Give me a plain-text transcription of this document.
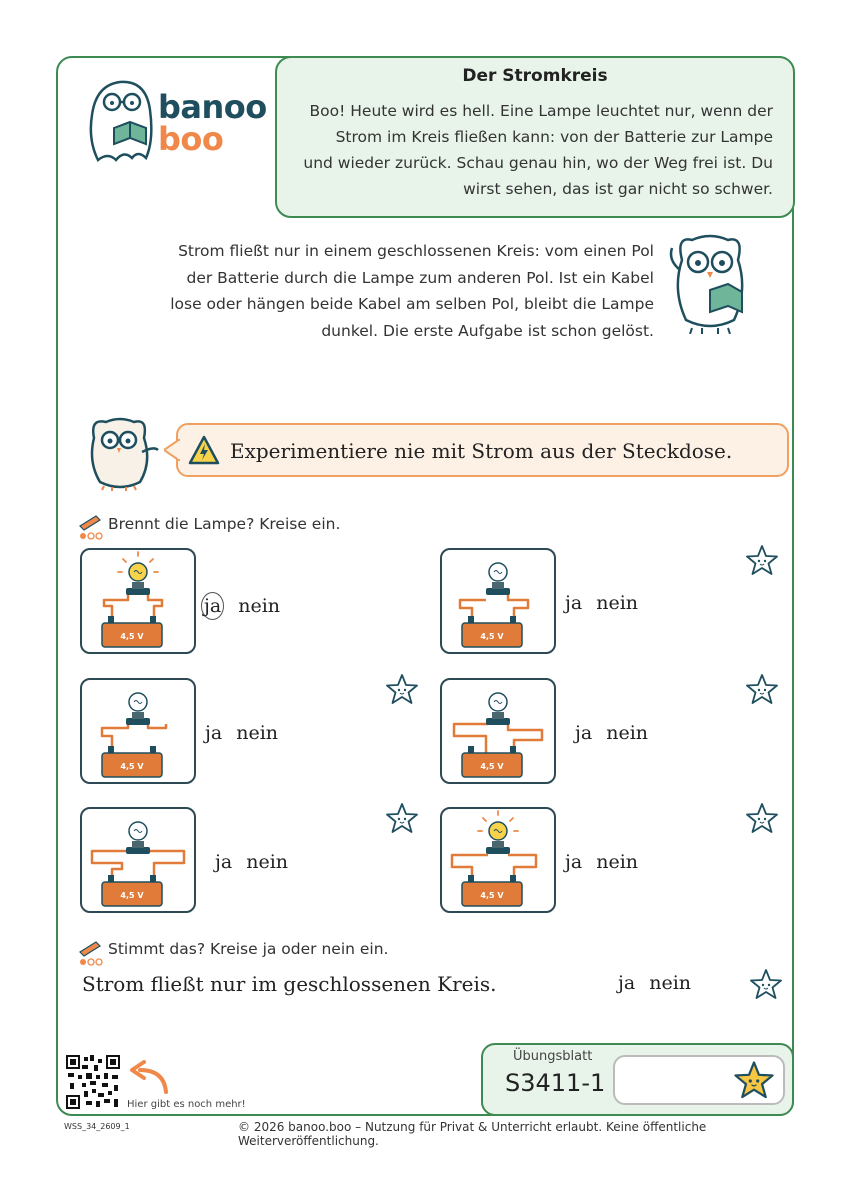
banoo
boo
Der Stromkreis
Boo! Heute wird es hell. Eine Lampe leuchtet nur, wenn der Strom im Kreis fließen kann: von der Batterie zur Lampe und wieder zurück. Schau genau hin, wo der Weg frei ist. Du wirst sehen, das ist gar nicht so schwer.
Strom fließt nur in einem geschlossenen Kreis: vom einen Pol der Batterie durch die Lampe zum anderen Pol. Ist ein Kabel lose oder hängen beide Kabel am selben Pol, bleibt die Lampe dunkel. Die erste Aufgabe ist schon gelöst.
Experimentiere nie mit Strom aus der Steckdose.
Brennt die Lampe? Kreise ein.
4,5 V
ja nein
4,5 V
ja nein
4,5 V
ja nein
4,5 V
ja nein
4,5 V
ja nein
4,5 V
ja nein
Stimmt das? Kreise ja oder nein ein.
Strom fließt nur im geschlossenen Kreis.	ja nein
Hier gibt es noch mehr!
Übungsblatt
S3411-1
WSS_34_2609_1	© 2026 banoo.boo – Nutzung für Privat & Unterricht erlaubt. Keine öffentliche Weiterveröffentlichung.
